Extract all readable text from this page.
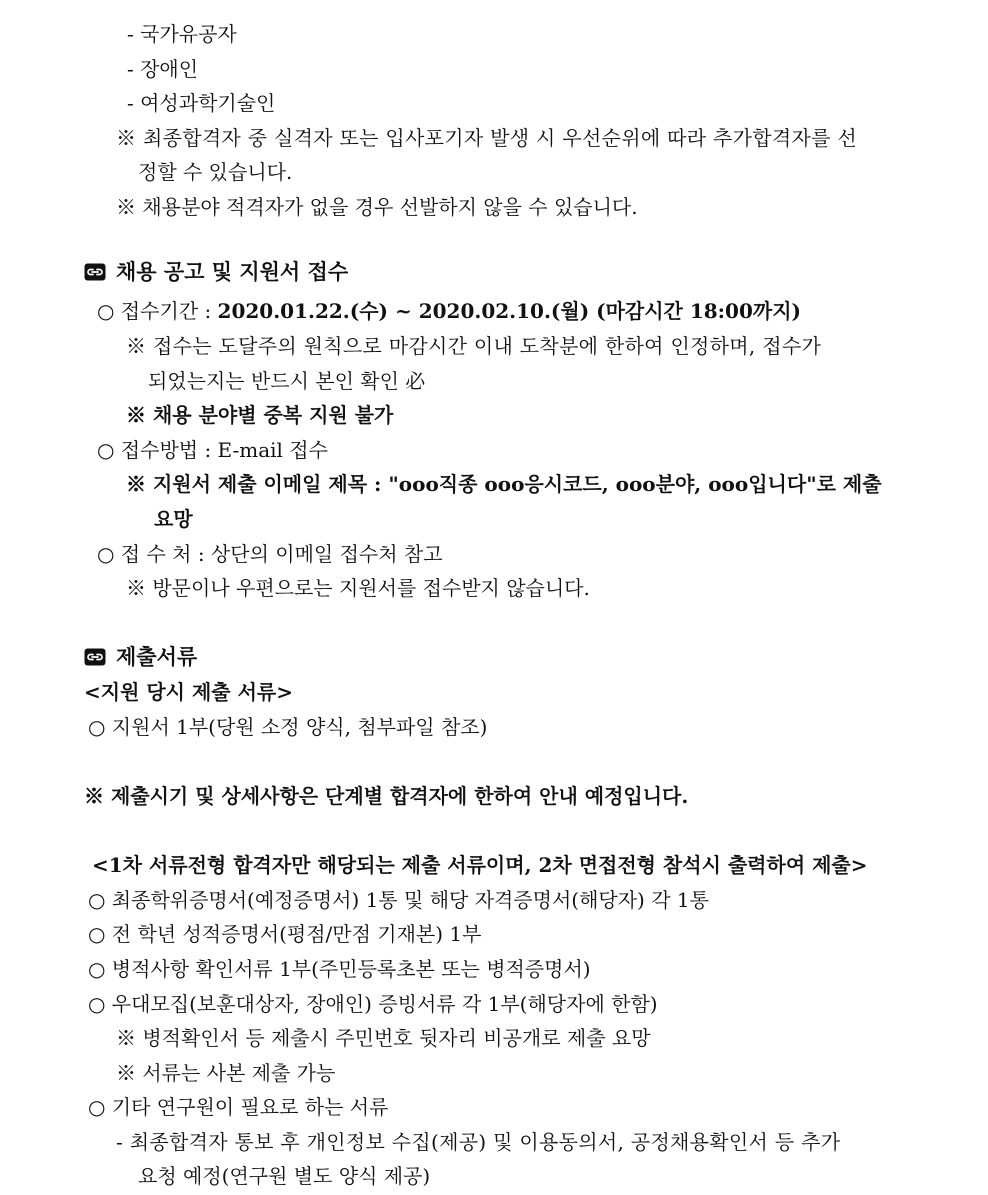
- 국가유공자
- 장애인
- 여성과학기술인
※ 최종합격자 중 실격자 또는 입사포기자 발생 시 우선순위에 따라 추가합격자를 선
정할 수 있습니다.
※ 채용분야 적격자가 없을 경우 선발하지 않을 수 있습니다.
채용 공고 및 지원서 접수
○ 접수기간 : 2020.01.22.(수) ~ 2020.02.10.(월) (마감시간 18:00까지)
※ 접수는 도달주의 원칙으로 마감시간 이내 도착분에 한하여 인정하며, 접수가
되었는지는 반드시 본인 확인 必
※ 채용 분야별 중복 지원 불가
○ 접수방법 : E-mail 접수
※ 지원서 제출 이메일 제목 : "ooo직종 ooo응시코드, ooo분야, ooo입니다"로 제출
요망
○ 접 수 처 : 상단의 이메일 접수처 참고
※ 방문이나 우편으로는 지원서를 접수받지 않습니다.
제출서류
<지원 당시 제출 서류>
○ 지원서 1부(당원 소정 양식, 첨부파일 참조)
※ 제출시기 및 상세사항은 단계별 합격자에 한하여 안내 예정입니다.
<1차 서류전형 합격자만 해당되는 제출 서류이며, 2차 면접전형 참석시 출력하여 제출>
○ 최종학위증명서(예정증명서) 1통 및 해당 자격증명서(해당자) 각 1통
○ 전 학년 성적증명서(평점/만점 기재본) 1부
○ 병적사항 확인서류 1부(주민등록초본 또는 병적증명서)
○ 우대모집(보훈대상자, 장애인) 증빙서류 각 1부(해당자에 한함)
※ 병적확인서 등 제출시 주민번호 뒷자리 비공개로 제출 요망
※ 서류는 사본 제출 가능
○ 기타 연구원이 필요로 하는 서류
- 최종합격자 통보 후 개인정보 수집(제공) 및 이용동의서, 공정채용확인서 등 추가
요청 예정(연구원 별도 양식 제공)
